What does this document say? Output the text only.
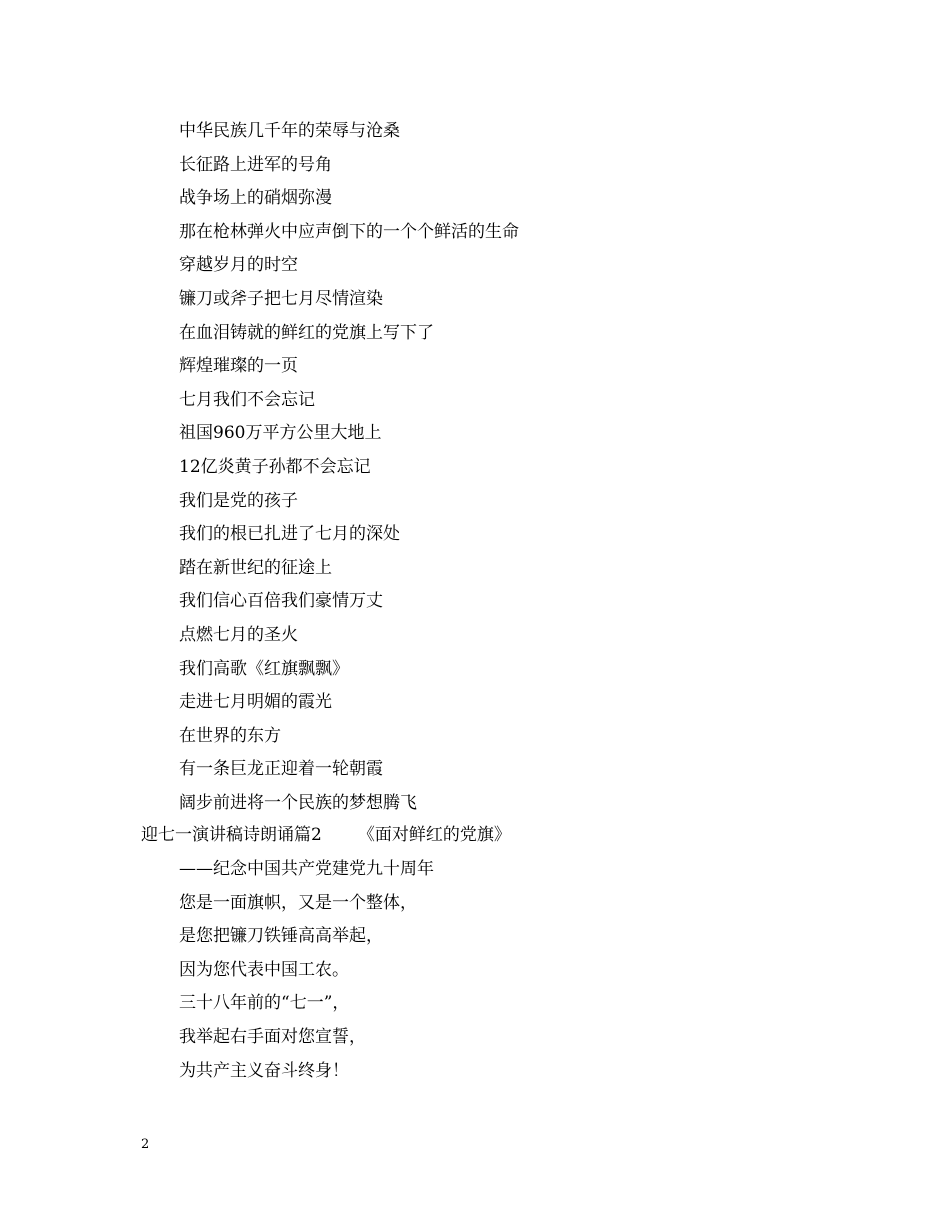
中华民族几千年的荣辱与沧桑
长征路上进军的号角
战争场上的硝烟弥漫
那在枪林弹火中应声倒下的一个个鲜活的生命
穿越岁月的时空
镰刀或斧子把七月尽情渲染
在血泪铸就的鲜红的党旗上写下了
辉煌璀璨的一页
七月我们不会忘记
祖国960万平方公里大地上
12亿炎黄子孙都不会忘记
我们是党的孩子
我们的根已扎进了七月的深处
踏在新世纪的征途上
我们信心百倍我们豪情万丈
点燃七月的圣火
我们高歌《红旗飘飘》
走进七月明媚的霞光
在世界的东方
有一条巨龙正迎着一轮朝霞
阔步前进将一个民族的梦想腾飞
迎七一演讲稿诗朗诵篇2 《面对鲜红的党旗》
——纪念中国共产党建党九十周年
您是一面旗帜，又是一个整体，
是您把镰刀铁锤高高举起，
因为您代表中国工农。
三十八年前的“七一”，
我举起右手面对您宣誓，
为共产主义奋斗终身！
2
